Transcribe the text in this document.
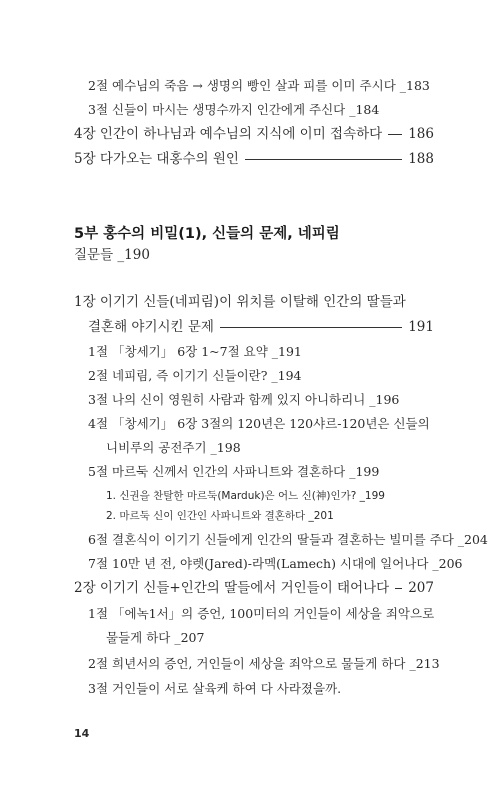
2절 예수님의 죽음 → 생명의 빵인 살과 피를 이미 주시다 _183
3절 신들이 마시는 생명수까지 인간에게 주신다 _184
4장 인간이 하나님과 예수님의 지식에 이미 접속하다 186
5장 다가오는 대홍수의 원인	188
5부 홍수의 비밀(1), 신들의 문제, 네피림
질문들 _190
1장 이기기 신들(네피림)이 위치를 이탈해 인간의 딸들과
결혼해 야기시킨 문제	191
1절 「창세기」 6장 1~7절 요약 _191
2절 네피림, 즉 이기기 신들이란? _194
3절 나의 신이 영원히 사람과 함께 있지 아니하리니 _196
4절 「창세기」 6장 3절의 120년은 120샤르-120년은 신들의
니비루의 공전주기 _198
5절 마르둑 신께서 인간의 사파니트와 결혼하다 _199
1. 신권을 찬탈한 마르둑(Marduk)은 어느 신(神)인가? _199
2. 마르둑 신이 인간인 사파니트와 결혼하다 _201
6절 결혼식이 이기기 신들에게 인간의 딸들과 결혼하는 빌미를 주다 _204
7절 10만 년 전, 야렛(Jared)-라멕(Lamech) 시대에 일어나다 _206
2장 이기기 신들+인간의 딸들에서 거인들이 태어나다 207
1절 「에녹1서」의 증언, 100미터의 거인들이 세상을 죄악으로
물들게 하다 _207
2절 희년서의 증언, 거인들이 세상을 죄악으로 물들게 하다 _213
3절 거인들이 서로 살육케 하여 다 사라졌을까.
14
